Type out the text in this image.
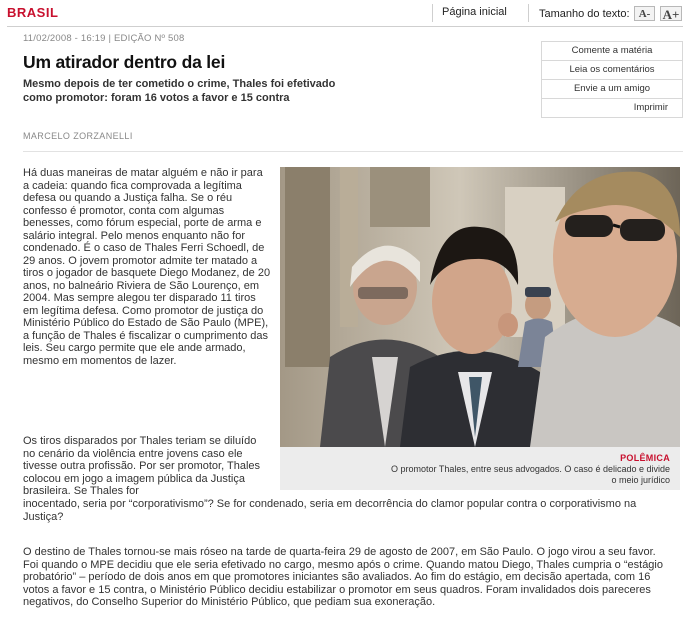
BRASIL	Página inicial	Tamanho do texto: A- A+
11/02/2008 - 16:19 | EDIÇÃO Nº 508
Comente a matéria
Leia os comentários
Envie a um amigo
Imprimir
Um atirador dentro da lei

Mesmo depois de ter cometido o crime, Thales foi efetivado como promotor: foram 16 votos a favor e 15 contra

MARCELO ZORZANELLI

Há duas maneiras de matar alguém e não ir para a cadeia: quando fica comprovada a legítima defesa ou quando a Justiça falha. Se o réu confesso é promotor, conta com algumas benesses, como fórum especial, porte de arma e salário integral. Pelo menos enquanto não for condenado. É o caso de Thales Ferri Schoedl, de 29 anos. O jovem promotor admite ter matado a tiros o jogador de basquete Diego Modanez, de 20 anos, no balneário Riviera de São Lourenço, em 2004. Mas sempre alegou ter disparado 11 tiros em legítima defesa. Como promotor de justiça do Ministério Público do Estado de São Paulo (MPE), a função de Thales é fiscalizar o cumprimento das leis. Seu cargo permite que ele ande armado, mesmo em momentos de lazer.

POLÊMICA
O promotor Thales, entre seus advogados. O caso é delicado e divide o meio jurídico

Os tiros disparados por Thales teriam se diluído no cenário da violência entre jovens caso ele tivesse outra profissão. Por ser promotor, Thales colocou em jogo a imagem pública da Justiça brasileira. Se Thales for

inocentado, seria por “corporativismo”? Se for condenado, seria em decorrência do clamor popular contra o corporativismo na Justiça?

O destino de Thales tornou-se mais róseo na tarde de quarta-feira 29 de agosto de 2007, em São Paulo. O jogo virou a seu favor. Foi quando o MPE decidiu que ele seria efetivado no cargo, mesmo após o crime. Quando matou Diego, Thales cumpria o “estágio probatório” – período de dois anos em que promotores iniciantes são avaliados. Ao fim do estágio, em decisão apertada, com 16 votos a favor e 15 contra, o Ministério Público decidiu estabilizar o promotor em seus quadros. Foram invalidados dois pareceres negativos, do Conselho Superior do Ministério Público, que pediam sua exoneração.
